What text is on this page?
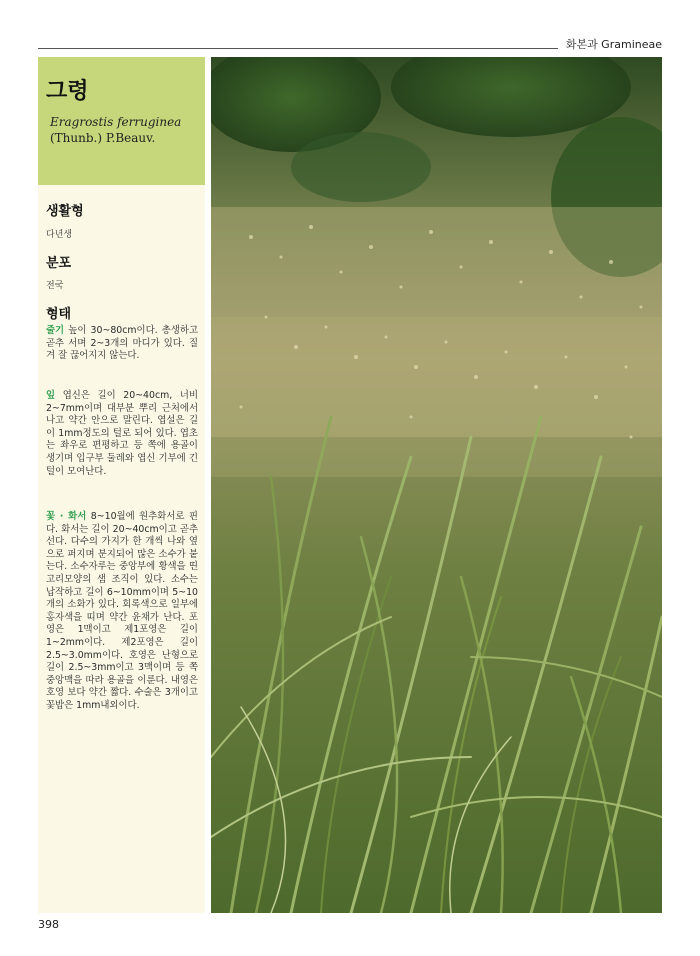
화본과 Gramineae
그령
Eragrostis ferruginea
(Thunb.) P.Beauv.
생활형
다년생
분포
전국
형태
줄기 높이 30~80cm이다. 총생하고 곧추 서며 2~3개의 마디가 있다. 질겨 잘 끊어지지 않는다.
잎 엽신은 길이 20~40cm, 너비 2~7mm이며 대부분 뿌리 근처에서 나고 약간 안으로 말린다. 엽설은 길이 1mm정도의 털로 되어 있다. 엽초는 좌우로 편평하고 등 쪽에 용골이 생기며 입구부 둘레와 엽신 기부에 긴 털이 모여난다.
꽃 · 화서 8~10월에 원추화서로 핀다. 화서는 길이 20~40cm이고 곧추 선다. 다수의 가지가 한 개씩 나와 옆으로 퍼지며 분지되어 많은 소수가 붙는다. 소수자루는 중앙부에 황색을 띤 고리모양의 샘 조직이 있다. 소수는 납작하고 길이 6~10mm이며 5~10개의 소화가 있다. 회록색으로 일부에 홍자색을 띠며 약간 윤채가 난다. 포영은 1맥이고 제1포영은 길이 1~2mm이다. 제2포영은 길이 2.5~3.0mm이다. 호영은 난형으로 길이 2.5~3mm이고 3맥이며 등 쪽 중앙맥을 따라 용골을 이룬다. 내영은 호영 보다 약간 짧다. 수술은 3개이고 꽃밥은 1mm내외이다.
398
